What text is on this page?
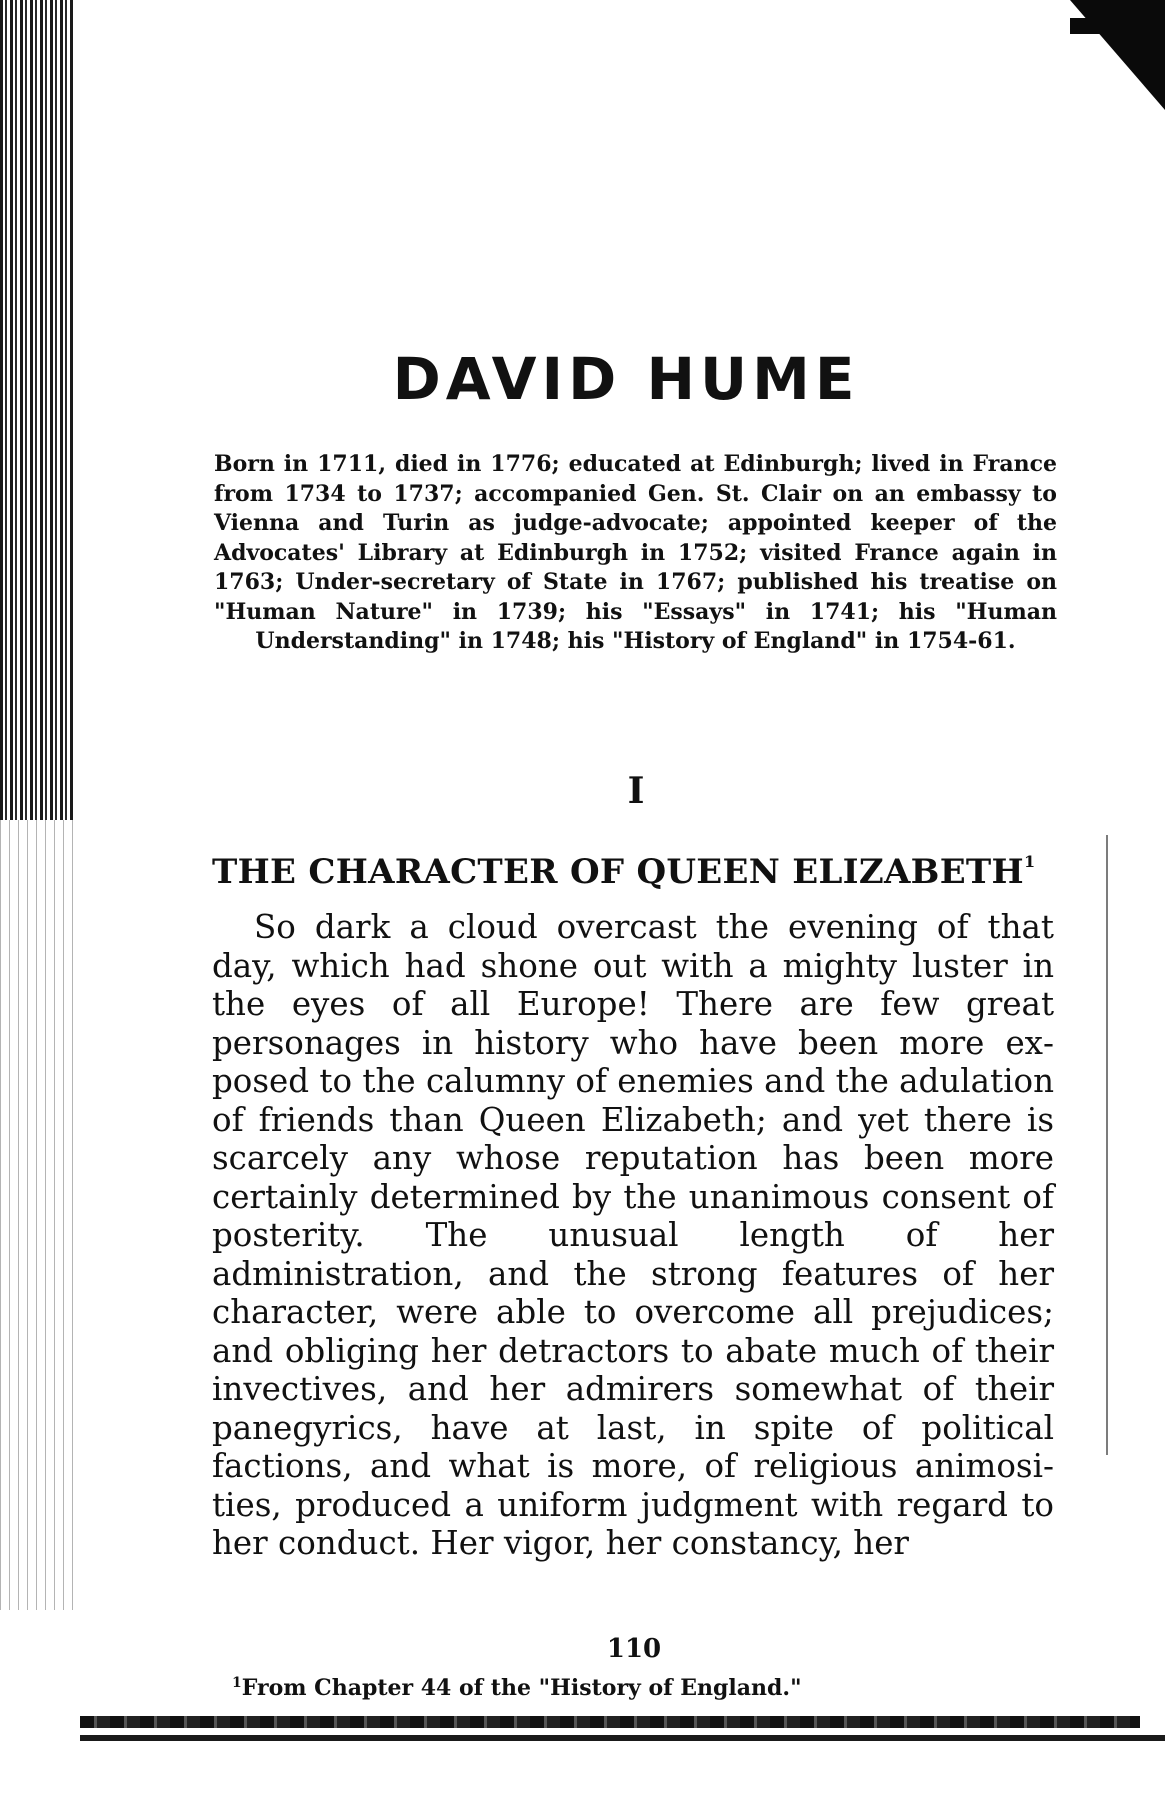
DAVID HUME

Born in 1711, died in 1776; educated at Edinburgh; lived in France from 1734 to 1737; accompanied Gen. St. Clair on an embassy to Vienna and Turin as judge-advocate; appointed keeper of the Advocates' Library at Edinburgh in 1752; visited France again in 1763; Under-secretary of State in 1767; published his treatise on "Human Nature" in 1739; his "Essays" in 1741; his "Human Understanding" in 1748; his "History of England" in 1754-61.

I
THE CHARACTER OF QUEEN ELIZABETH$^1$

So dark a cloud overcast the evening of that day, which had shone out with a mighty luster in the eyes of all Europe! There are few great personages in history who have been more exposed to the calumny of enemies and the adulation of friends than Queen Elizabeth; and yet there is scarcely any whose reputation has been more certainly determined by the unanimous consent of posterity. The unusual length of her administration, and the strong features of her character, were able to overcome all prejudices; and obliging her detractors to abate much of their invectives, and her admirers somewhat of their panegyrics, have at last, in spite of political factions, and what is more, of religious animosities, produced a uniform judgment with regard to her conduct. Her vigor, her constancy, her

$^1$From Chapter 44 of the "History of England."

110
